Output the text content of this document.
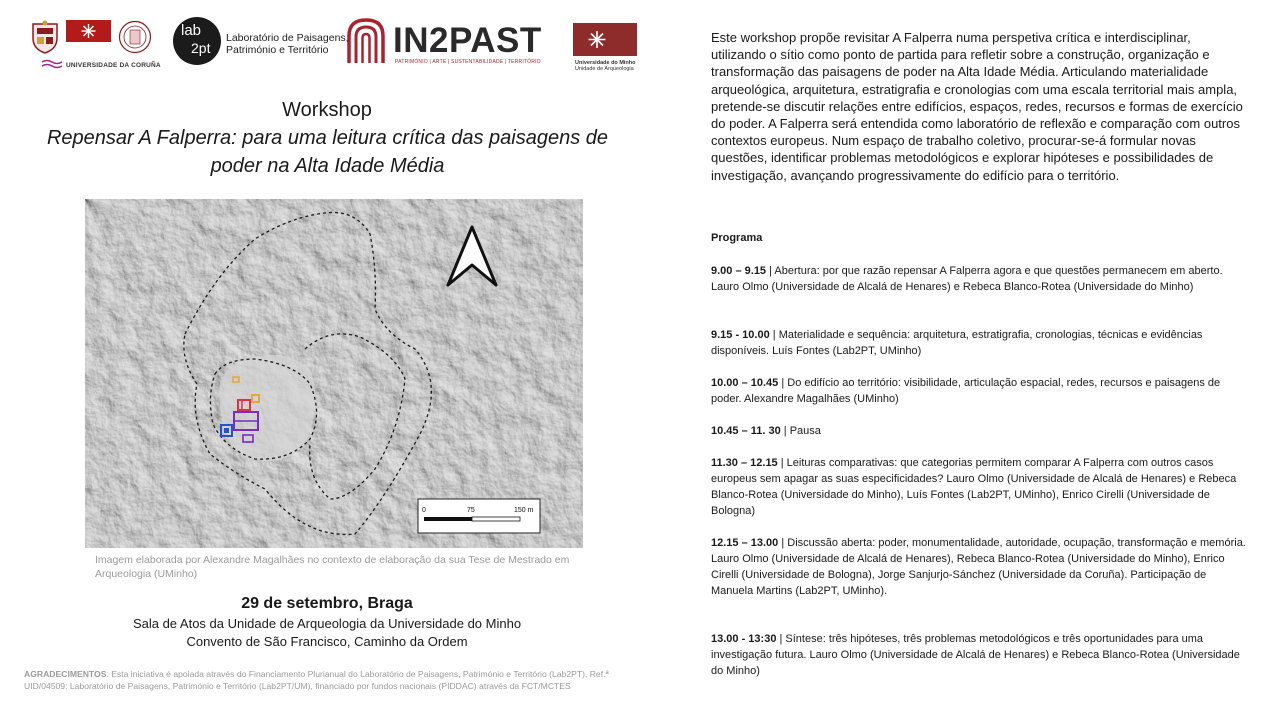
UNIVERSIDADE DA CORUÑA
lab
2pt
Laboratório de Paisagens,
Património e Território	IN2PAST
PATRIMÓNIO | ARTE | SUSTENTABILIDADE | TERRITÓRIO	Universidade do Minho
Unidade de Arqueologia
Workshop
Repensar A Falperra: para uma leitura crítica das paisagens de poder na Alta Idade Média
0	75	150 m
Imagem elaborada por Alexandre Magalhães no contexto de elaboração da sua Tese de Mestrado em Arqueologia (UMinho)
29 de setembro, Braga
Sala de Atos da Unidade de Arqueologia da Universidade do Minho
Convento de São Francisco, Caminho da Ordem
AGRADECIMENTOS: Esta iniciativa é apoiada através do Financiamento Plurianual do Laboratório de Paisagens, Património e Território (Lab2PT), Ref.ª UID/04509: Laboratório de Paisagens, Património e Território (Lab2PT/UM), financiado por fundos nacionais (PIDDAC) através da FCT/MCTES
Este workshop propõe revisitar A Falperra numa perspetiva crítica e interdisciplinar, utilizando o sítio como ponto de partida para refletir sobre a construção, organização e transformação das paisagens de poder na Alta Idade Média. Articulando materialidade arqueológica, arquitetura, estratigrafia e cronologias com uma escala territorial mais ampla, pretende-se discutir relações entre edifícios, espaços, redes, recursos e formas de exercício do poder. A Falperra será entendida como laboratório de reflexão e comparação com outros contextos europeus. Num espaço de trabalho coletivo, procurar-se-á formular novas questões, identificar problemas metodológicos e explorar hipóteses e possibilidades de investigação, avançando progressivamente do edifício para o território.
Programa
9.00 – 9.15 | Abertura: por que razão repensar A Falperra agora e que questões permanecem em aberto. Lauro Olmo (Universidade de Alcalá de Henares) e Rebeca Blanco-Rotea (Universidade do Minho)
9.15 - 10.00 | Materialidade e sequência: arquitetura, estratigrafia, cronologias, técnicas e evidências disponíveis. Luís Fontes (Lab2PT, UMinho)
10.00 – 10.45 | Do edifício ao território: visibilidade, articulação espacial, redes, recursos e paisagens de poder. Alexandre Magalhães (UMinho)
10.45 – 11. 30 | Pausa
11.30 – 12.15 | Leituras comparativas: que categorias permitem comparar A Falperra com outros casos europeus sem apagar as suas especificidades? Lauro Olmo (Universidade de Alcalá de Henares) e Rebeca Blanco-Rotea (Universidade do Minho), Luís Fontes (Lab2PT, UMinho), Enrico Cirelli (Universidade de Bologna)
12.15 – 13.00 | Discussão aberta: poder, monumentalidade, autoridade, ocupação, transformação e memória. Lauro Olmo (Universidade de Alcalá de Henares), Rebeca Blanco-Rotea (Universidade do Minho), Enrico Cirelli (Universidade de Bologna), Jorge Sanjurjo-Sánchez (Universidade da Coruña). Participação de Manuela Martins (Lab2PT, UMinho).
13.00 - 13:30 | Síntese: três hipóteses, três problemas metodológicos e três oportunidades para uma investigação futura. Lauro Olmo (Universidade de Alcalá de Henares) e Rebeca Blanco-Rotea (Universidade do Minho)
